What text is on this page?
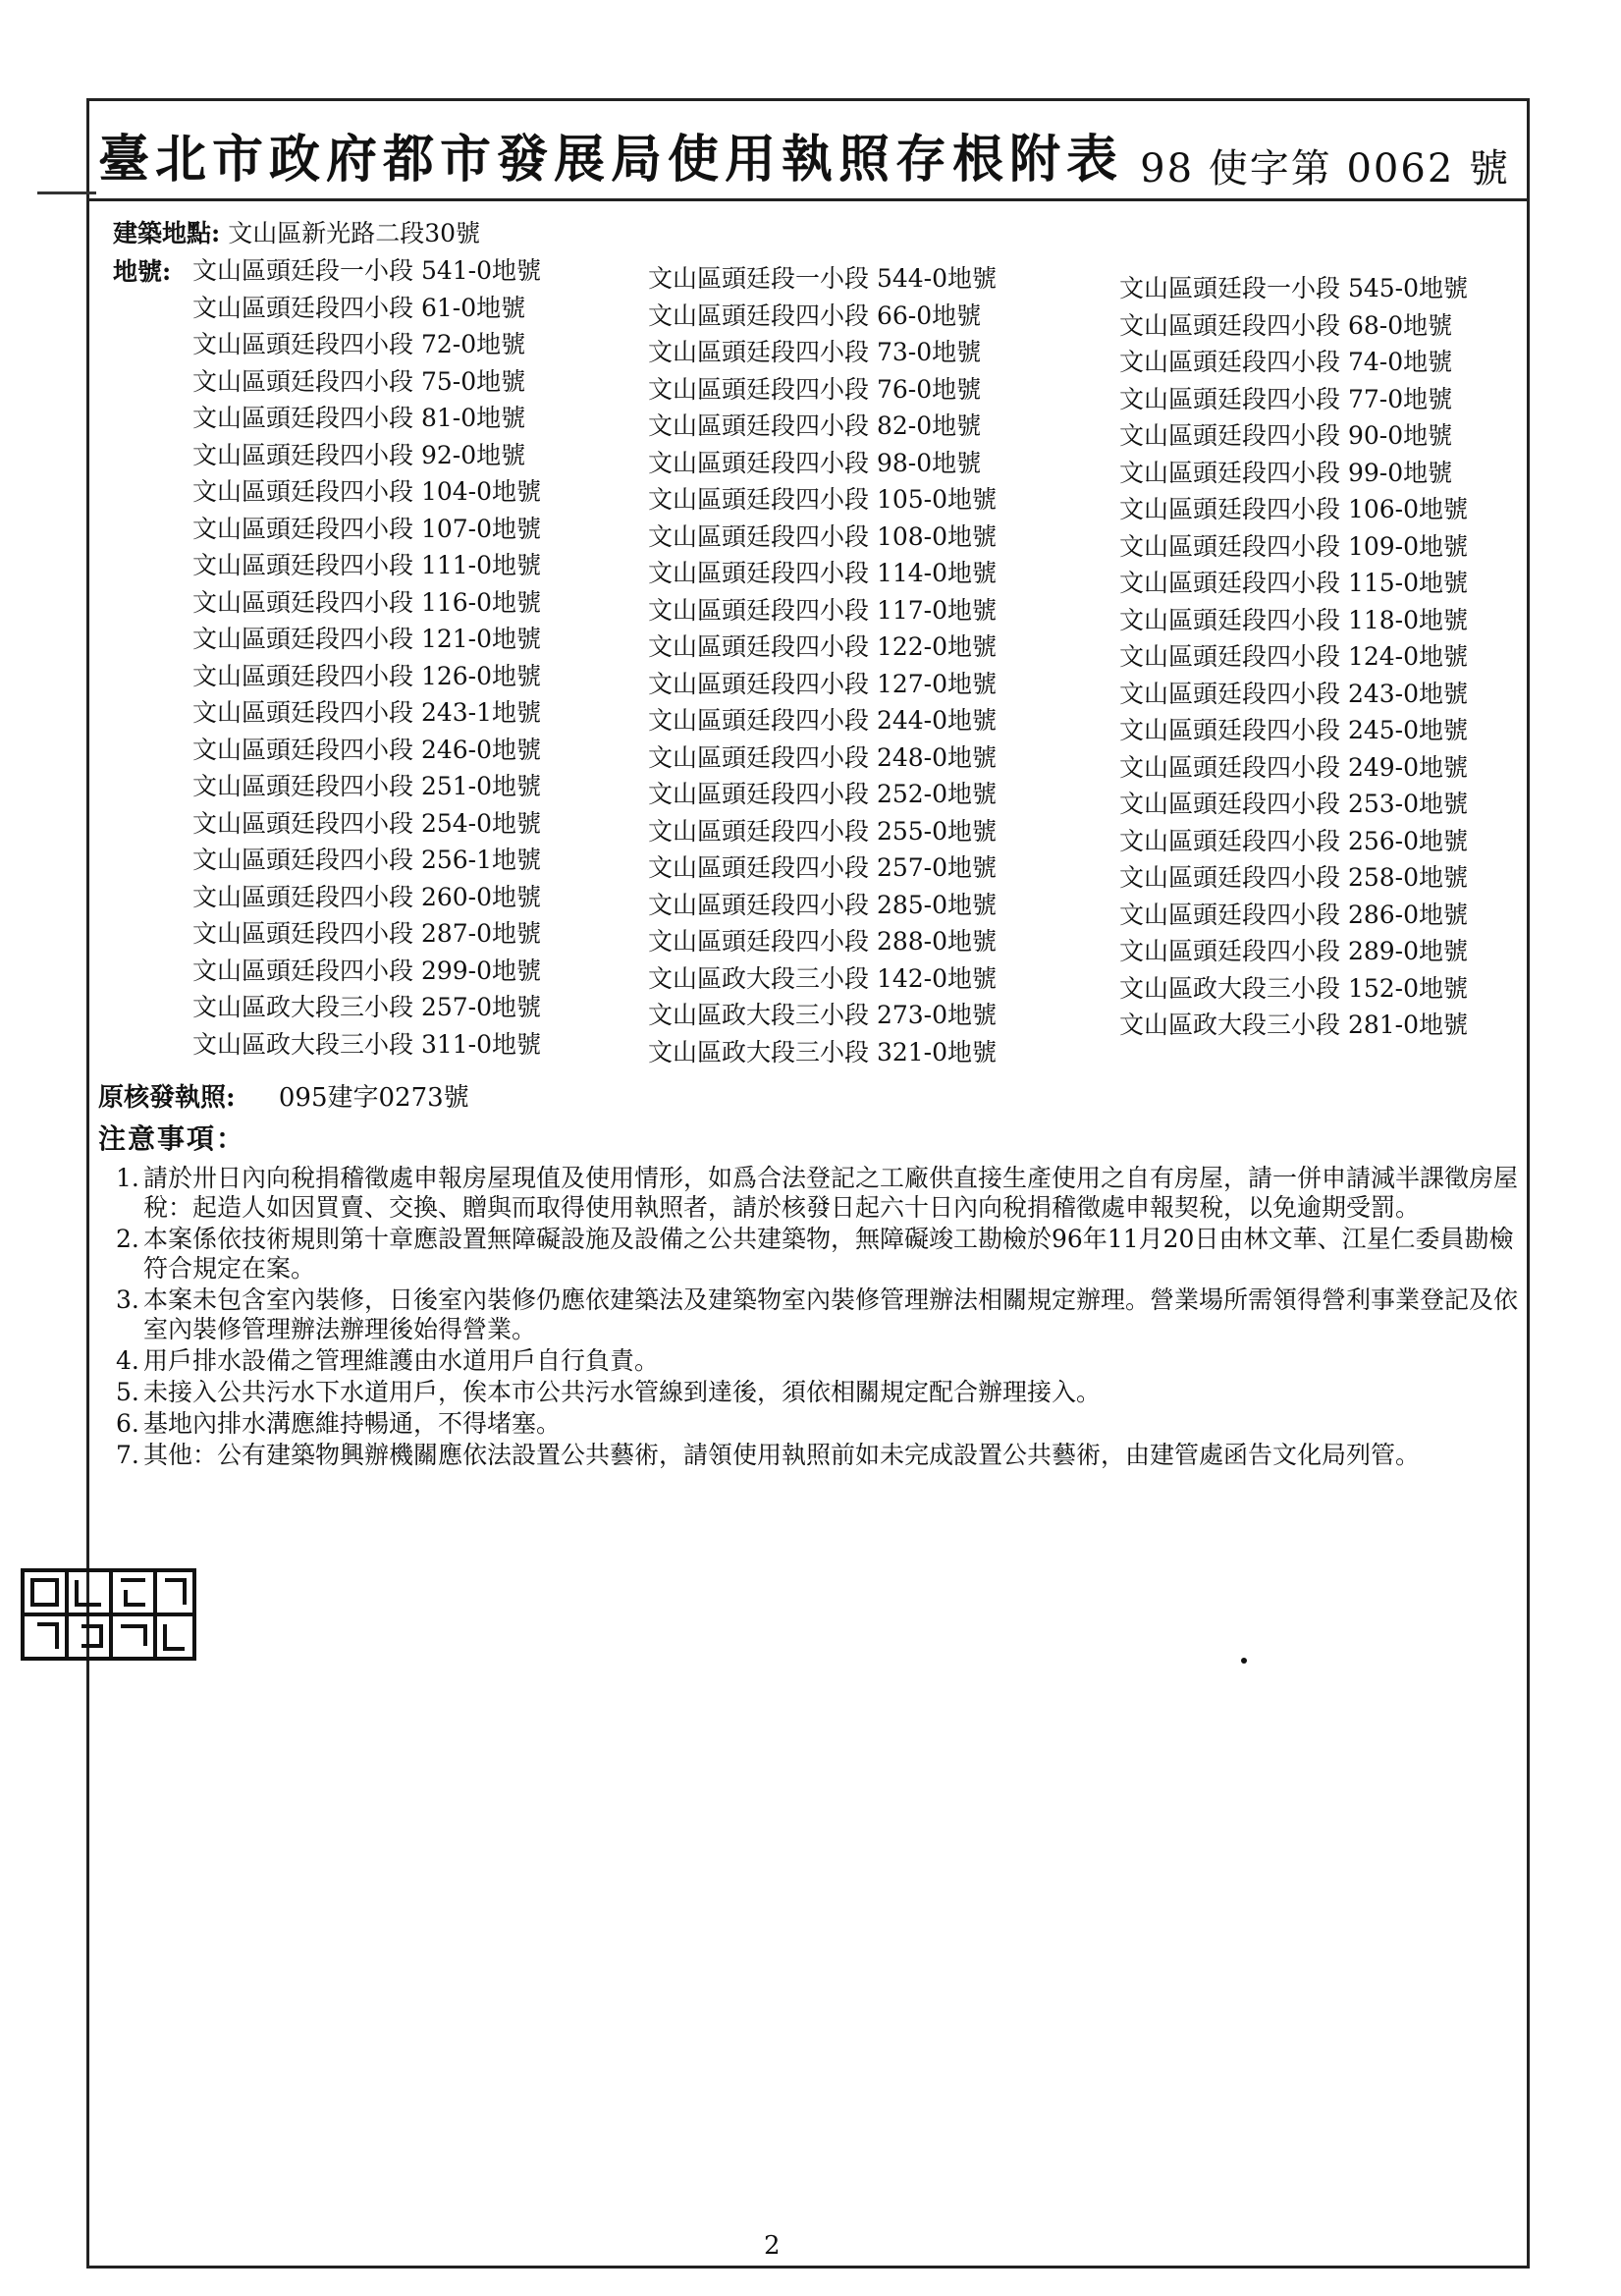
臺北市政府都市發展局使用執照存根附表 98 使字第 0062 號
建築地點: 文山區新光路二段30號
地號: 文山區頭廷段一小段 541-0地號
文山區頭廷段四小段 61-0地號
文山區頭廷段四小段 72-0地號
文山區頭廷段四小段 75-0地號
文山區頭廷段四小段 81-0地號
文山區頭廷段四小段 92-0地號
文山區頭廷段四小段 104-0地號
文山區頭廷段四小段 107-0地號
文山區頭廷段四小段 111-0地號
文山區頭廷段四小段 116-0地號
文山區頭廷段四小段 121-0地號
文山區頭廷段四小段 126-0地號
文山區頭廷段四小段 243-1地號
文山區頭廷段四小段 246-0地號
文山區頭廷段四小段 251-0地號
文山區頭廷段四小段 254-0地號
文山區頭廷段四小段 256-1地號
文山區頭廷段四小段 260-0地號
文山區頭廷段四小段 287-0地號
文山區頭廷段四小段 299-0地號
文山區政大段三小段 257-0地號
文山區政大段三小段 311-0地號
文山區頭廷段一小段 544-0地號
文山區頭廷段四小段 66-0地號
文山區頭廷段四小段 73-0地號
文山區頭廷段四小段 76-0地號
文山區頭廷段四小段 82-0地號
文山區頭廷段四小段 98-0地號
文山區頭廷段四小段 105-0地號
文山區頭廷段四小段 108-0地號
文山區頭廷段四小段 114-0地號
文山區頭廷段四小段 117-0地號
文山區頭廷段四小段 122-0地號
文山區頭廷段四小段 127-0地號
文山區頭廷段四小段 244-0地號
文山區頭廷段四小段 248-0地號
文山區頭廷段四小段 252-0地號
文山區頭廷段四小段 255-0地號
文山區頭廷段四小段 257-0地號
文山區頭廷段四小段 285-0地號
文山區頭廷段四小段 288-0地號
文山區政大段三小段 142-0地號
文山區政大段三小段 273-0地號
文山區政大段三小段 321-0地號
文山區頭廷段一小段 545-0地號
文山區頭廷段四小段 68-0地號
文山區頭廷段四小段 74-0地號
文山區頭廷段四小段 77-0地號
文山區頭廷段四小段 90-0地號
文山區頭廷段四小段 99-0地號
文山區頭廷段四小段 106-0地號
文山區頭廷段四小段 109-0地號
文山區頭廷段四小段 115-0地號
文山區頭廷段四小段 118-0地號
文山區頭廷段四小段 124-0地號
文山區頭廷段四小段 243-0地號
文山區頭廷段四小段 245-0地號
文山區頭廷段四小段 249-0地號
文山區頭廷段四小段 253-0地號
文山區頭廷段四小段 256-0地號
文山區頭廷段四小段 258-0地號
文山區頭廷段四小段 286-0地號
文山區頭廷段四小段 289-0地號
文山區政大段三小段 152-0地號
文山區政大段三小段 281-0地號
原核發執照: 095建字0273號
注意事項：
1. 請於卅日內向稅捐稽徵處申報房屋現值及使用情形，如爲合法登記之工廠供直接生產使用之自有房屋，請一併申請減半課徵房屋稅：起造人如因買賣、交換、贈與而取得使用執照者，請於核發日起六十日內向稅捐稽徵處申報契稅，以免逾期受罰。
2. 本案係依技術規則第十章應設置無障礙設施及設備之公共建築物，無障礙竣工勘檢於96年11月20日由林文華、江星仁委員勘檢符合規定在案。
3. 本案未包含室內裝修，日後室內裝修仍應依建築法及建築物室內裝修管理辦法相關規定辦理。營業場所需領得營利事業登記及依室內裝修管理辦法辦理後始得營業。
4. 用戶排水設備之管理維護由水道用戶自行負責。
5. 未接入公共污水下水道用戶，俟本市公共污水管線到達後，須依相關規定配合辦理接入。
6. 基地內排水溝應維持暢通，不得堵塞。
7. 其他：公有建築物興辦機關應依法設置公共藝術，請領使用執照前如未完成設置公共藝術，由建管處函告文化局列管。
2
